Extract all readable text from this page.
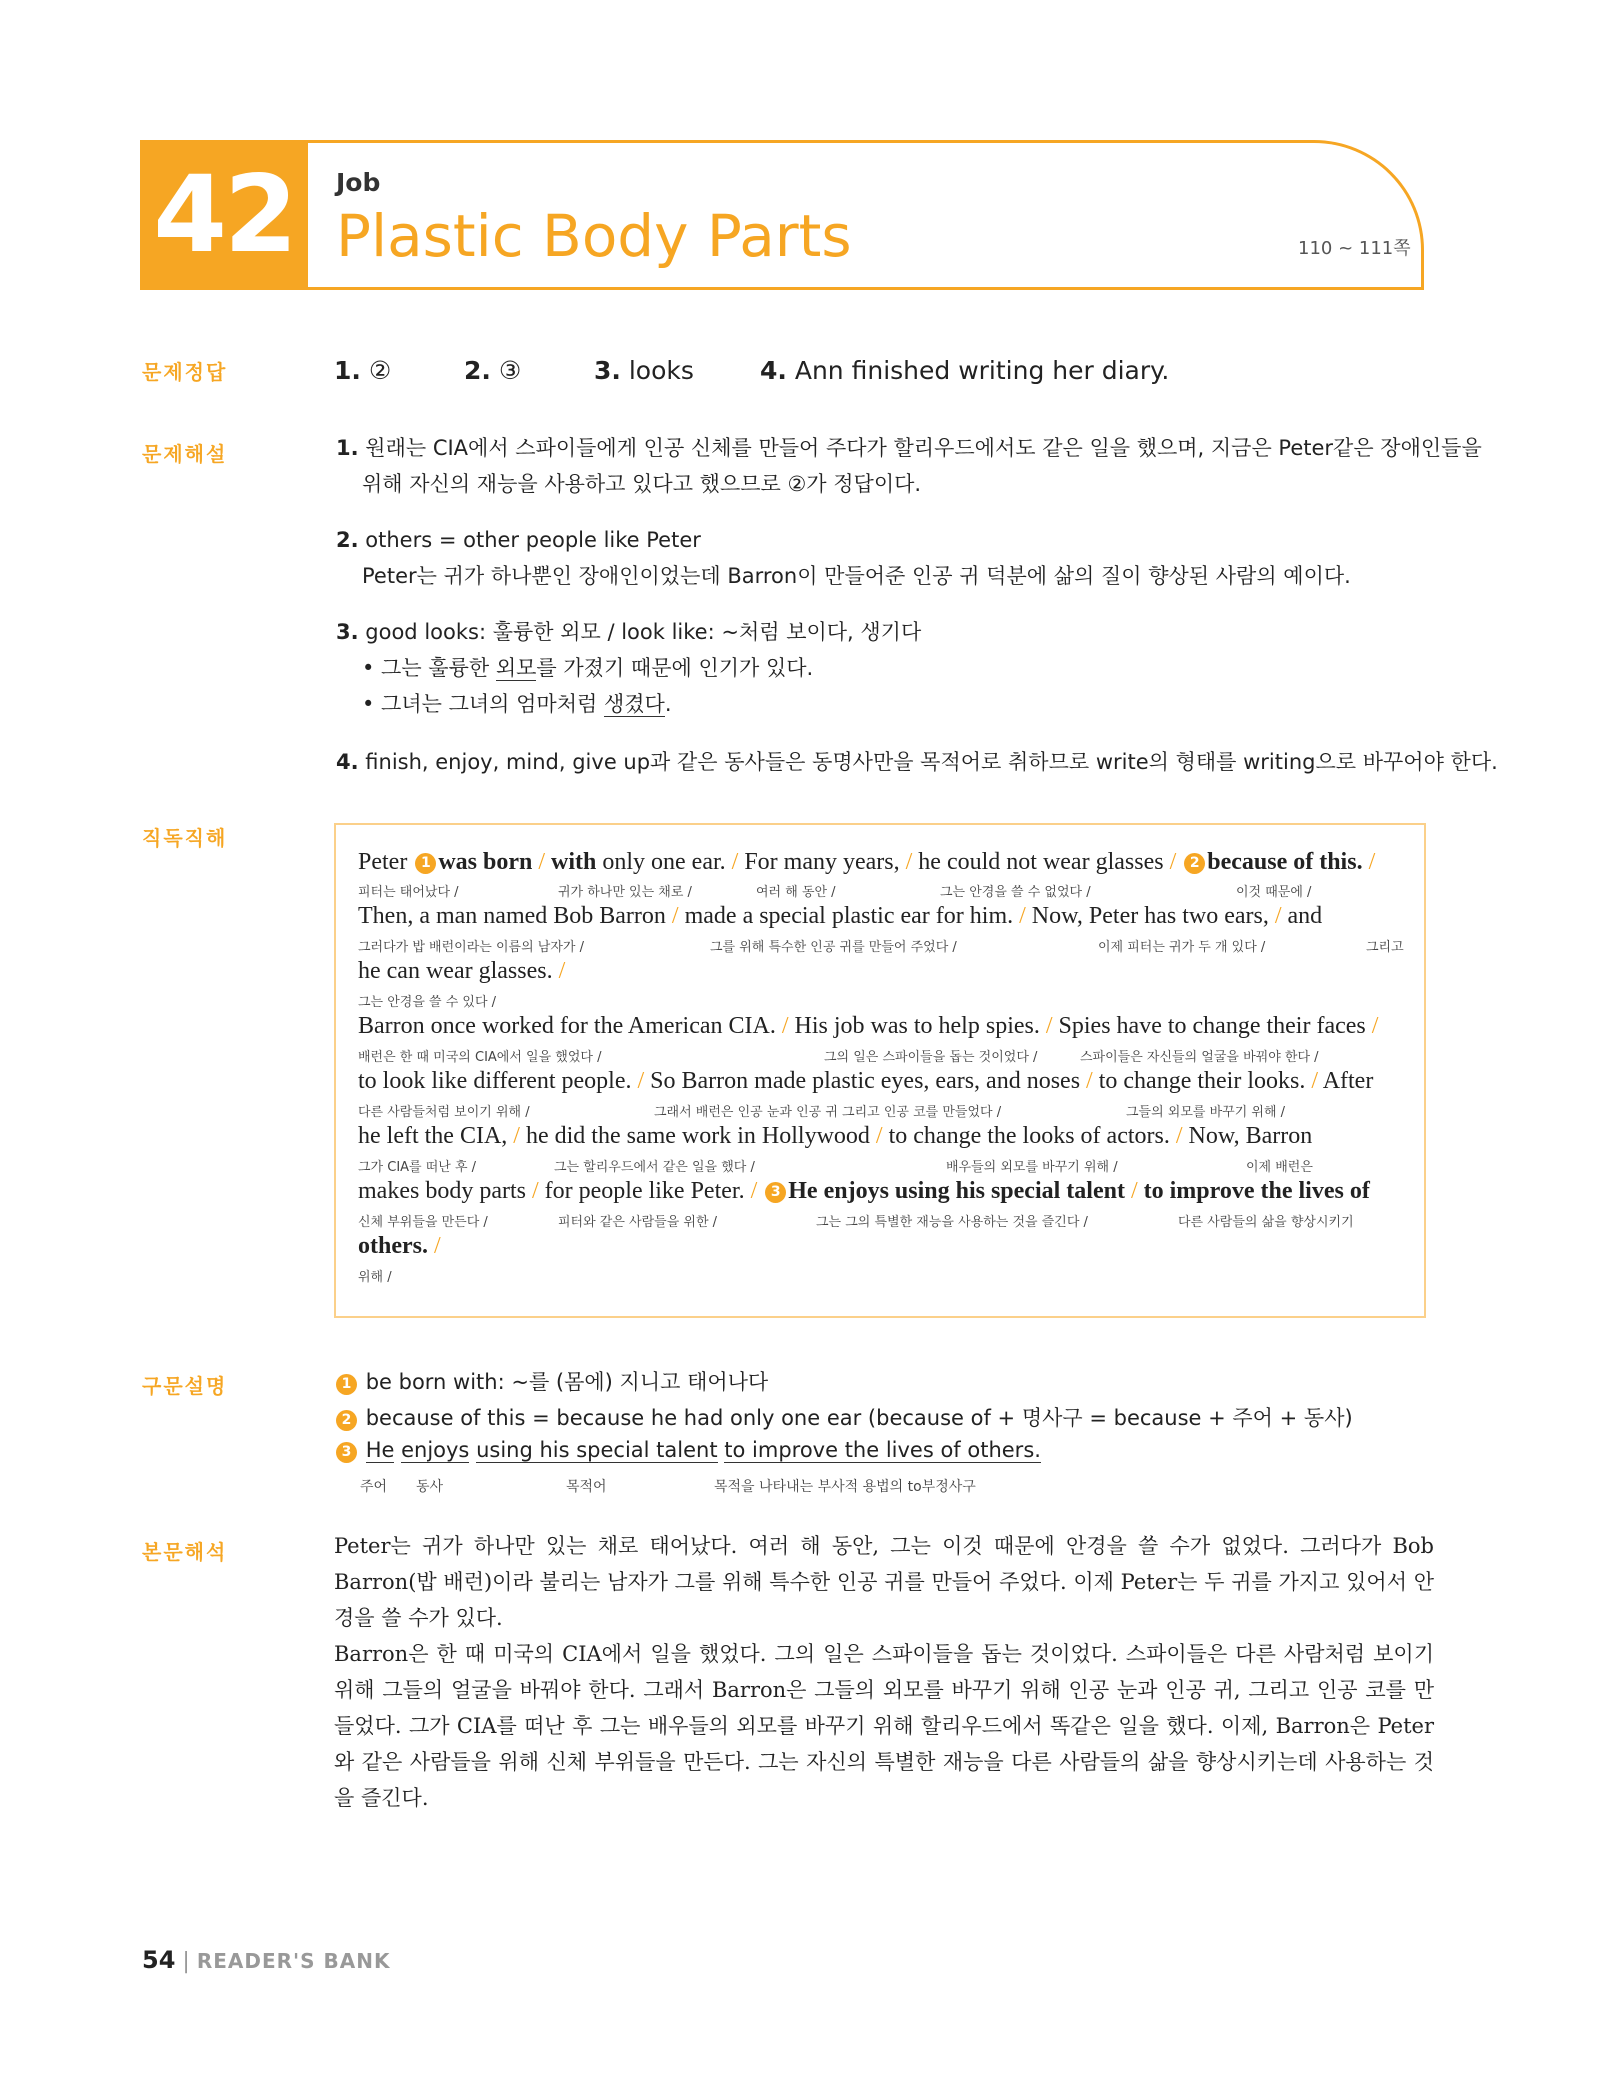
42	Job
Plastic Body Parts	110 ~ 111쪽
문제정답	1. ②	2. ③	3. looks	4. Ann finished writing her diary.
문제해설	1. 원래는 CIA에서 스파이들에게 인공 신체를 만들어 주다가 할리우드에서도 같은 일을 했으며, 지금은 Peter같은 장애인들을
위해 자신의 재능을 사용하고 있다고 했으므로 ②가 정답이다.
2. others = other people like Peter
Peter는 귀가 하나뿐인 장애인이었는데 Barron이 만들어준 인공 귀 덕분에 삶의 질이 향상된 사람의 예이다.
3. good looks: 훌륭한 외모 / look like: ~처럼 보이다, 생기다
• 그는 훌륭한 외모를 가졌기 때문에 인기가 있다.
• 그녀는 그녀의 엄마처럼 생겼다.
4. finish, enjoy, mind, give up과 같은 동사들은 동명사만을 목적어로 취하므로 write의 형태를 writing으로 바꾸어야 한다.
직독직해
Peter 1 was born / with only one ear. / For many years, / he could not wear glasses / 2 because of this. /
피터는 태어났다 /	귀가 하나만 있는 채로 /	여러 해 동안 /	그는 안경을 쓸 수 없었다 /	이것 때문에 /
Then, a man named Bob Barron / made a special plastic ear for him. / Now, Peter has two ears, / and
그러다가 밥 배런이라는 이름의 남자가 /	그를 위해 특수한 인공 귀를 만들어 주었다 /	이제 피터는 귀가 두 개 있다 /	그리고
he can wear glasses. /
그는 안경을 쓸 수 있다 /
Barron once worked for the American CIA. / His job was to help spies. / Spies have to change their faces /
배런은 한 때 미국의 CIA에서 일을 했었다 /	그의 일은 스파이들을 돕는 것이었다 /	스파이들은 자신들의 얼굴을 바꿔야 한다 /
to look like different people. / So Barron made plastic eyes, ears, and noses / to change their looks. / After
다른 사람들처럼 보이기 위해 /	그래서 배런은 인공 눈과 인공 귀 그리고 인공 코를 만들었다 /	그들의 외모를 바꾸기 위해 /
he left the CIA, / he did the same work in Hollywood / to change the looks of actors. / Now, Barron
그가 CIA를 떠난 후 /	그는 할리우드에서 같은 일을 했다 /	배우들의 외모를 바꾸기 위해 /	이제 배런은
makes body parts / for people like Peter. / 3 He enjoys using his special talent / to improve the lives of
신체 부위들을 만든다 /	피터와 같은 사람들을 위한 /	그는 그의 특별한 재능을 사용하는 것을 즐긴다 /	다른 사람들의 삶을 향상시키기
others. /
위해 /
구문설명	1 be born with: ~를 (몸에) 지니고 태어나다
2 because of this = because he had only one ear (because of + 명사구 = because + 주어 + 동사)
3 He enjoys using his special talent to improve the lives of others.
주어 동사	목적어	목적을 나타내는 부사적 용법의 to부정사구
본문해석	Peter는 귀가 하나만 있는 채로 태어났다. 여러 해 동안, 그는 이것 때문에 안경을 쓸 수가 없었다. 그러다가 Bob Barron(밥 배런)이라 불리는 남자가 그를 위해 특수한 인공 귀를 만들어 주었다. 이제 Peter는 두 귀를 가지고 있어서 안경을 쓸 수가 있다.

Barron은 한 때 미국의 CIA에서 일을 했었다. 그의 일은 스파이들을 돕는 것이었다. 스파이들은 다른 사람처럼 보이기 위해 그들의 얼굴을 바꿔야 한다. 그래서 Barron은 그들의 외모를 바꾸기 위해 인공 눈과 인공 귀, 그리고 인공 코를 만들었다. 그가 CIA를 떠난 후 그는 배우들의 외모를 바꾸기 위해 할리우드에서 똑같은 일을 했다. 이제, Barron은 Peter와 같은 사람들을 위해 신체 부위들을 만든다. 그는 자신의 특별한 재능을 다른 사람들의 삶을 향상시키는데 사용하는 것을 즐긴다.

54 | READER'S BANK
